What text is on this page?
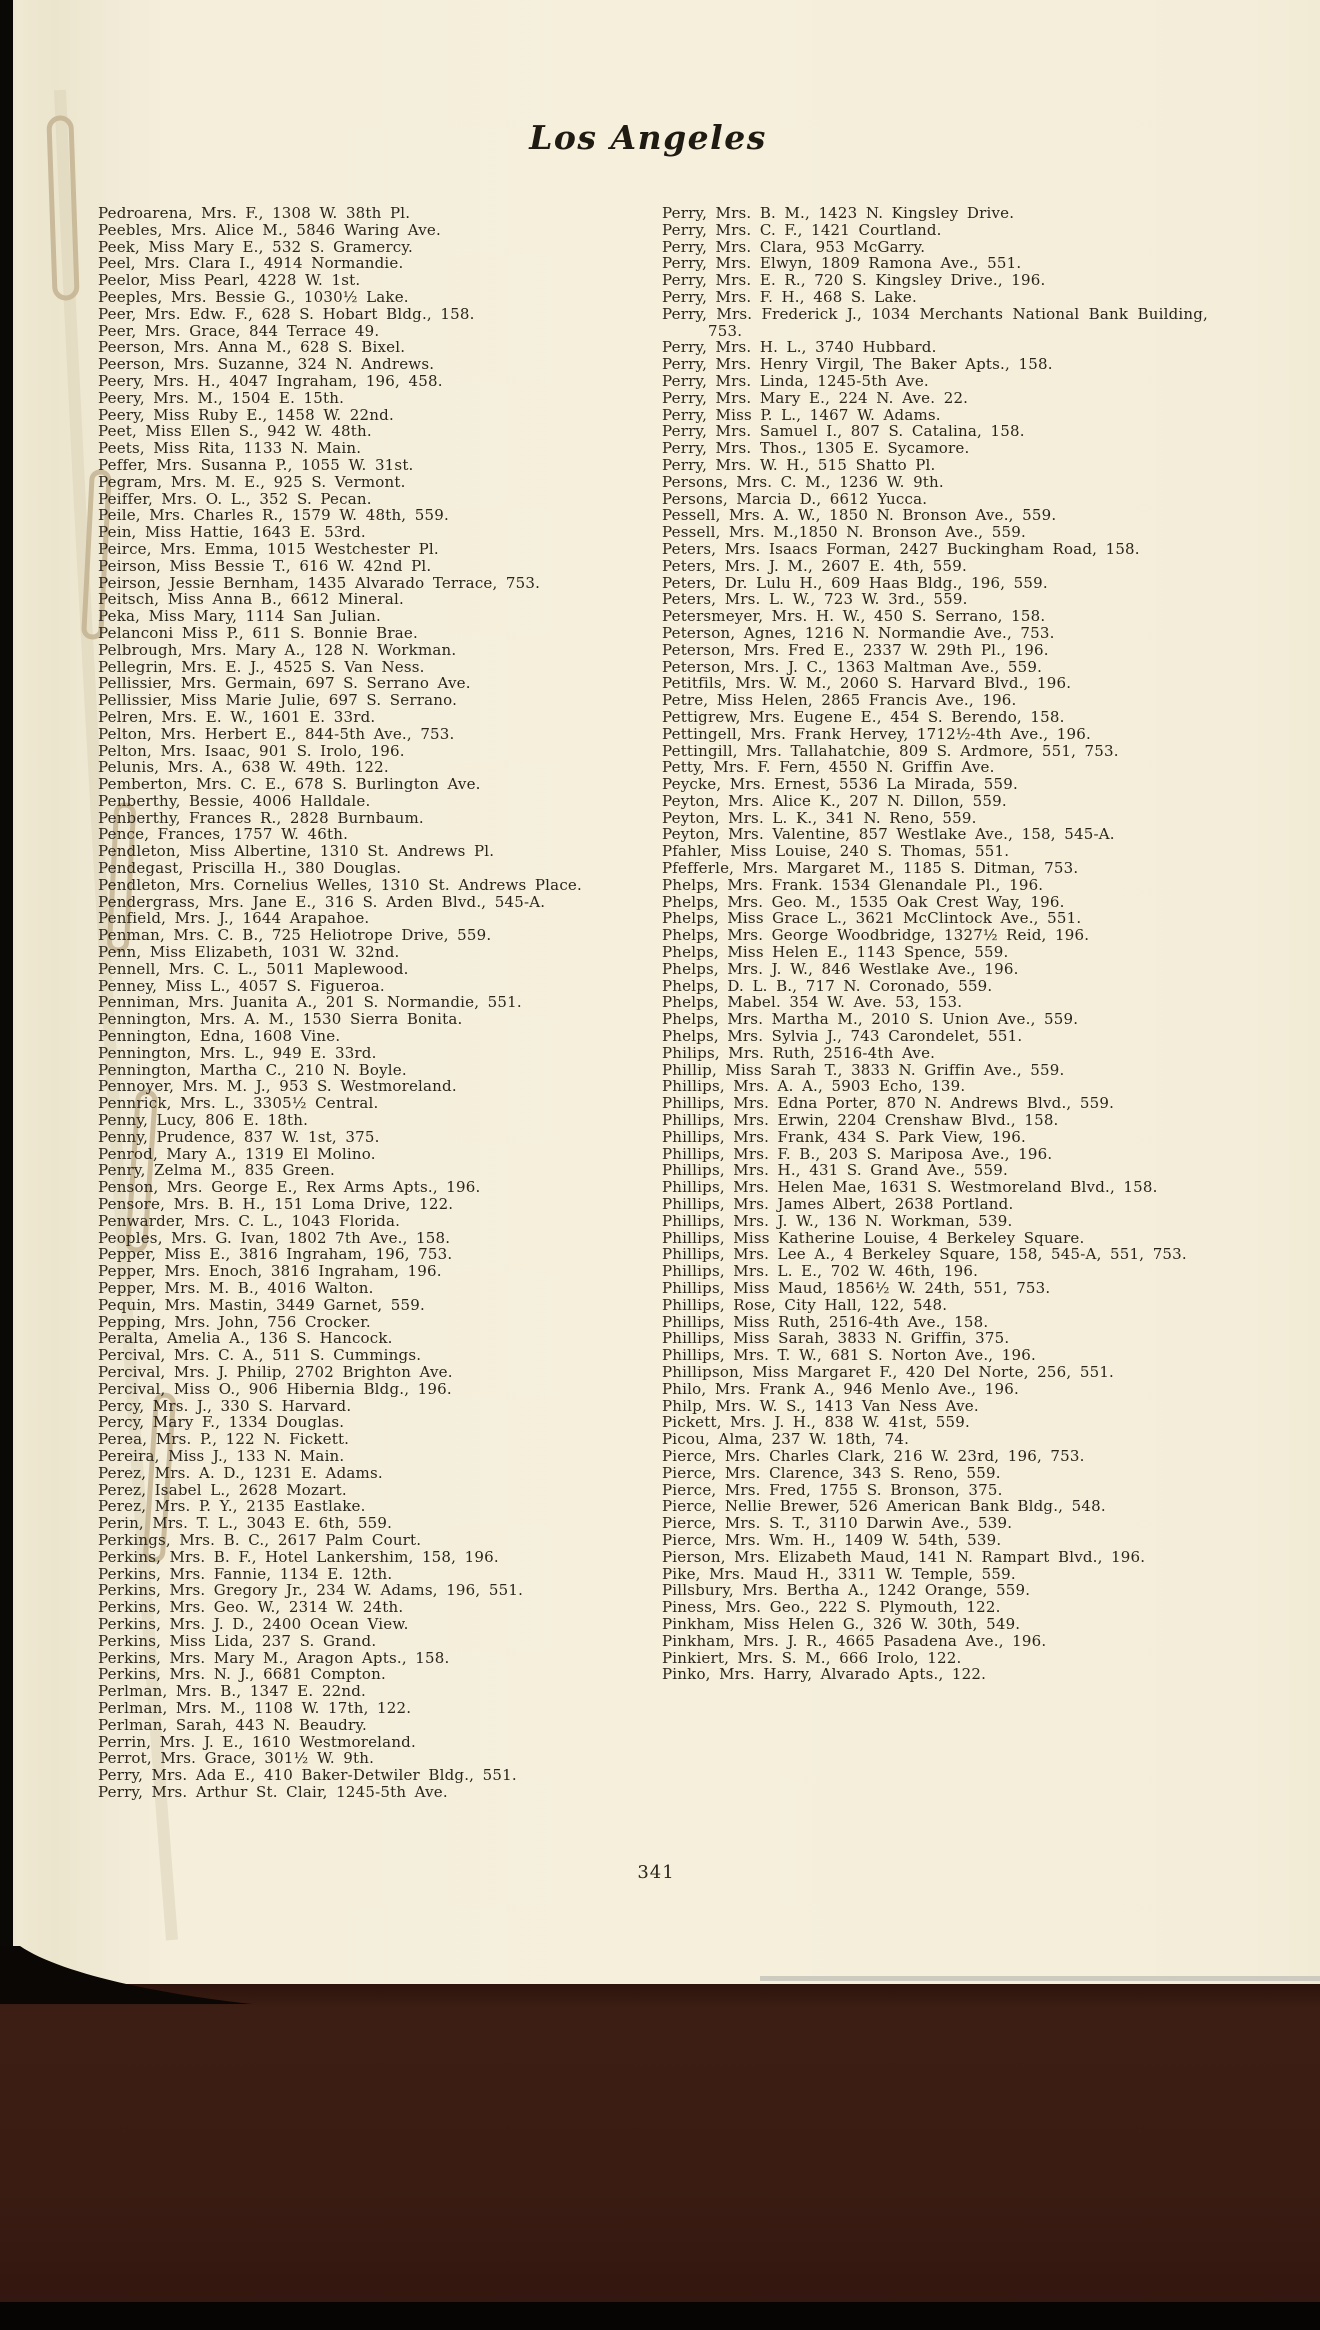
Los Angeles
Pedroarena, Mrs. F., 1308 W. 38th Pl.
Peebles, Mrs. Alice M., 5846 Waring Ave.
Peek, Miss Mary E., 532 S. Gramercy.
Peel, Mrs. Clara I., 4914 Normandie.
Peelor, Miss Pearl, 4228 W. 1st.
Peeples, Mrs. Bessie G., 1030½ Lake.
Peer, Mrs. Edw. F., 628 S. Hobart Bldg., 158.
Peer, Mrs. Grace, 844 Terrace 49.
Peerson, Mrs. Anna M., 628 S. Bixel.
Peerson, Mrs. Suzanne, 324 N. Andrews.
Peery, Mrs. H., 4047 Ingraham, 196, 458.
Peery, Mrs. M., 1504 E. 15th.
Peery, Miss Ruby E., 1458 W. 22nd.
Peet, Miss Ellen S., 942 W. 48th.
Peets, Miss Rita, 1133 N. Main.
Peffer, Mrs. Susanna P., 1055 W. 31st.
Pegram, Mrs. M. E., 925 S. Vermont.
Peiffer, Mrs. O. L., 352 S. Pecan.
Peile, Mrs. Charles R., 1579 W. 48th, 559.
Pein, Miss Hattie, 1643 E. 53rd.
Peirce, Mrs. Emma, 1015 Westchester Pl.
Peirson, Miss Bessie T., 616 W. 42nd Pl.
Peirson, Jessie Bernham, 1435 Alvarado Terrace, 753.
Peitsch, Miss Anna B., 6612 Mineral.
Peka, Miss Mary, 1114 San Julian.
Pelanconi Miss P., 611 S. Bonnie Brae.
Pelbrough, Mrs. Mary A., 128 N. Workman.
Pellegrin, Mrs. E. J., 4525 S. Van Ness.
Pellissier, Mrs. Germain, 697 S. Serrano Ave.
Pellissier, Miss Marie Julie, 697 S. Serrano.
Pelren, Mrs. E. W., 1601 E. 33rd.
Pelton, Mrs. Herbert E., 844-5th Ave., 753.
Pelton, Mrs. Isaac, 901 S. Irolo, 196.
Pelunis, Mrs. A., 638 W. 49th. 122.
Pemberton, Mrs. C. E., 678 S. Burlington Ave.
Penberthy, Bessie, 4006 Halldale.
Penberthy, Frances R., 2828 Burnbaum.
Pence, Frances, 1757 W. 46th.
Pendleton, Miss Albertine, 1310 St. Andrews Pl.
Pendegast, Priscilla H., 380 Douglas.
Pendleton, Mrs. Cornelius Welles, 1310 St. Andrews Place.
Pendergrass, Mrs. Jane E., 316 S. Arden Blvd., 545-A.
Penfield, Mrs. J., 1644 Arapahoe.
Penman, Mrs. C. B., 725 Heliotrope Drive, 559.
Penn, Miss Elizabeth, 1031 W. 32nd.
Pennell, Mrs. C. L., 5011 Maplewood.
Penney, Miss L., 4057 S. Figueroa.
Penniman, Mrs. Juanita A., 201 S. Normandie, 551.
Pennington, Mrs. A. M., 1530 Sierra Bonita.
Pennington, Edna, 1608 Vine.
Pennington, Mrs. L., 949 E. 33rd.
Pennington, Martha C., 210 N. Boyle.
Pennoyer, Mrs. M. J., 953 S. Westmoreland.
Pennrick, Mrs. L., 3305½ Central.
Penny, Lucy, 806 E. 18th.
Penny, Prudence, 837 W. 1st, 375.
Penrod, Mary A., 1319 El Molino.
Penry, Zelma M., 835 Green.
Penson, Mrs. George E., Rex Arms Apts., 196.
Pensore, Mrs. B. H., 151 Loma Drive, 122.
Penwarder, Mrs. C. L., 1043 Florida.
Peoples, Mrs. G. Ivan, 1802 7th Ave., 158.
Pepper, Miss E., 3816 Ingraham, 196, 753.
Pepper, Mrs. Enoch, 3816 Ingraham, 196.
Pepper, Mrs. M. B., 4016 Walton.
Pequin, Mrs. Mastin, 3449 Garnet, 559.
Pepping, Mrs. John, 756 Crocker.
Peralta, Amelia A., 136 S. Hancock.
Percival, Mrs. C. A., 511 S. Cummings.
Percival, Mrs. J. Philip, 2702 Brighton Ave.
Percival, Miss O., 906 Hibernia Bldg., 196.
Percy, Mrs. J., 330 S. Harvard.
Percy, Mary F., 1334 Douglas.
Perea, Mrs. P., 122 N. Fickett.
Pereira, Miss J., 133 N. Main.
Perez, Mrs. A. D., 1231 E. Adams.
Perez, Isabel L., 2628 Mozart.
Perez, Mrs. P. Y., 2135 Eastlake.
Perin, Mrs. T. L., 3043 E. 6th, 559.
Perkings, Mrs. B. C., 2617 Palm Court.
Perkins, Mrs. B. F., Hotel Lankershim, 158, 196.
Perkins, Mrs. Fannie, 1134 E. 12th.
Perkins, Mrs. Gregory Jr., 234 W. Adams, 196, 551.
Perkins, Mrs. Geo. W., 2314 W. 24th.
Perkins, Mrs. J. D., 2400 Ocean View.
Perkins, Miss Lida, 237 S. Grand.
Perkins, Mrs. Mary M., Aragon Apts., 158.
Perkins, Mrs. N. J., 6681 Compton.
Perlman, Mrs. B., 1347 E. 22nd.
Perlman, Mrs. M., 1108 W. 17th, 122.
Perlman, Sarah, 443 N. Beaudry.
Perrin, Mrs. J. E., 1610 Westmoreland.
Perrot, Mrs. Grace, 301½ W. 9th.
Perry, Mrs. Ada E., 410 Baker-Detwiler Bldg., 551.
Perry, Mrs. Arthur St. Clair, 1245-5th Ave.
Perry, Mrs. B. M., 1423 N. Kingsley Drive.
Perry, Mrs. C. F., 1421 Courtland.
Perry, Mrs. Clara, 953 McGarry.
Perry, Mrs. Elwyn, 1809 Ramona Ave., 551.
Perry, Mrs. E. R., 720 S. Kingsley Drive., 196.
Perry, Mrs. F. H., 468 S. Lake.
Perry, Mrs. Frederick J., 1034 Merchants National Bank Building, 753.
Perry, Mrs. H. L., 3740 Hubbard.
Perry, Mrs. Henry Virgil, The Baker Apts., 158.
Perry, Mrs. Linda, 1245-5th Ave.
Perry, Mrs. Mary E., 224 N. Ave. 22.
Perry, Miss P. L., 1467 W. Adams.
Perry, Mrs. Samuel I., 807 S. Catalina, 158.
Perry, Mrs. Thos., 1305 E. Sycamore.
Perry, Mrs. W. H., 515 Shatto Pl.
Persons, Mrs. C. M., 1236 W. 9th.
Persons, Marcia D., 6612 Yucca.
Pessell, Mrs. A. W., 1850 N. Bronson Ave., 559.
Pessell, Mrs. M.,1850 N. Bronson Ave., 559.
Peters, Mrs. Isaacs Forman, 2427 Buckingham Road, 158.
Peters, Mrs. J. M., 2607 E. 4th, 559.
Peters, Dr. Lulu H., 609 Haas Bldg., 196, 559.
Peters, Mrs. L. W., 723 W. 3rd., 559.
Petersmeyer, Mrs. H. W., 450 S. Serrano, 158.
Peterson, Agnes, 1216 N. Normandie Ave., 753.
Peterson, Mrs. Fred E., 2337 W. 29th Pl., 196.
Peterson, Mrs. J. C., 1363 Maltman Ave., 559.
Petitfils, Mrs. W. M., 2060 S. Harvard Blvd., 196.
Petre, Miss Helen, 2865 Francis Ave., 196.
Pettigrew, Mrs. Eugene E., 454 S. Berendo, 158.
Pettingell, Mrs. Frank Hervey, 1712½-4th Ave., 196.
Pettingill, Mrs. Tallahatchie, 809 S. Ardmore, 551, 753.
Petty, Mrs. F. Fern, 4550 N. Griffin Ave.
Peycke, Mrs. Ernest, 5536 La Mirada, 559.
Peyton, Mrs. Alice K., 207 N. Dillon, 559.
Peyton, Mrs. L. K., 341 N. Reno, 559.
Peyton, Mrs. Valentine, 857 Westlake Ave., 158, 545-A.
Pfahler, Miss Louise, 240 S. Thomas, 551.
Pfefferle, Mrs. Margaret M., 1185 S. Ditman, 753.
Phelps, Mrs. Frank. 1534 Glenandale Pl., 196.
Phelps, Mrs. Geo. M., 1535 Oak Crest Way, 196.
Phelps, Miss Grace L., 3621 McClintock Ave., 551.
Phelps, Mrs. George Woodbridge, 1327½ Reid, 196.
Phelps, Miss Helen E., 1143 Spence, 559.
Phelps, Mrs. J. W., 846 Westlake Ave., 196.
Phelps, D. L. B., 717 N. Coronado, 559.
Phelps, Mabel. 354 W. Ave. 53, 153.
Phelps, Mrs. Martha M., 2010 S. Union Ave., 559.
Phelps, Mrs. Sylvia J., 743 Carondelet, 551.
Philips, Mrs. Ruth, 2516-4th Ave.
Phillip, Miss Sarah T., 3833 N. Griffin Ave., 559.
Phillips, Mrs. A. A., 5903 Echo, 139.
Phillips, Mrs. Edna Porter, 870 N. Andrews Blvd., 559.
Phillips, Mrs. Erwin, 2204 Crenshaw Blvd., 158.
Phillips, Mrs. Frank, 434 S. Park View, 196.
Phillips, Mrs. F. B., 203 S. Mariposa Ave., 196.
Phillips, Mrs. H., 431 S. Grand Ave., 559.
Phillips, Mrs. Helen Mae, 1631 S. Westmoreland Blvd., 158.
Phillips, Mrs. James Albert, 2638 Portland.
Phillips, Mrs. J. W., 136 N. Workman, 539.
Phillips, Miss Katherine Louise, 4 Berkeley Square.
Phillips, Mrs. Lee A., 4 Berkeley Square, 158, 545-A, 551, 753.
Phillips, Mrs. L. E., 702 W. 46th, 196.
Phillips, Miss Maud, 1856½ W. 24th, 551, 753.
Phillips, Rose, City Hall, 122, 548.
Phillips, Miss Ruth, 2516-4th Ave., 158.
Phillips, Miss Sarah, 3833 N. Griffin, 375.
Phillips, Mrs. T. W., 681 S. Norton Ave., 196.
Phillipson, Miss Margaret F., 420 Del Norte, 256, 551.
Philo, Mrs. Frank A., 946 Menlo Ave., 196.
Philp, Mrs. W. S., 1413 Van Ness Ave.
Pickett, Mrs. J. H., 838 W. 41st, 559.
Picou, Alma, 237 W. 18th, 74.
Pierce, Mrs. Charles Clark, 216 W. 23rd, 196, 753.
Pierce, Mrs. Clarence, 343 S. Reno, 559.
Pierce, Mrs. Fred, 1755 S. Bronson, 375.
Pierce, Nellie Brewer, 526 American Bank Bldg., 548.
Pierce, Mrs. S. T., 3110 Darwin Ave., 539.
Pierce, Mrs. Wm. H., 1409 W. 54th, 539.
Pierson, Mrs. Elizabeth Maud, 141 N. Rampart Blvd., 196.
Pike, Mrs. Maud H., 3311 W. Temple, 559.
Pillsbury, Mrs. Bertha A., 1242 Orange, 559.
Piness, Mrs. Geo., 222 S. Plymouth, 122.
Pinkham, Miss Helen G., 326 W. 30th, 549.
Pinkham, Mrs. J. R., 4665 Pasadena Ave., 196.
Pinkiert, Mrs. S. M., 666 Irolo, 122.
Pinko, Mrs. Harry, Alvarado Apts., 122.
341
